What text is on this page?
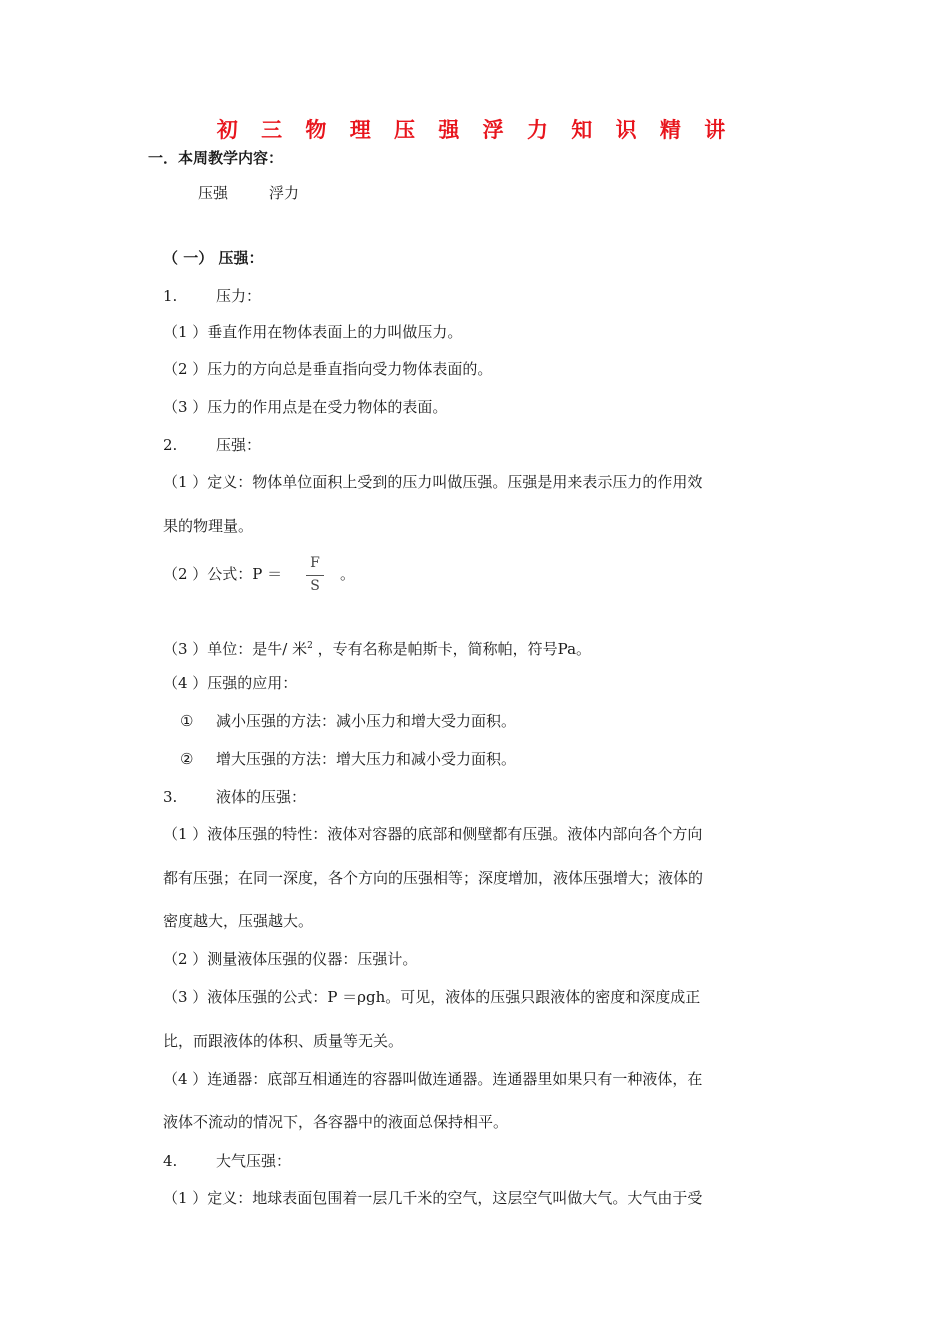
初 三 物 理 压 强 浮 力 知 识 精 讲
一．本周教学内容：
压强	浮力
（ 一） 压强：
1.	压力：
（1 ）垂直作用在物体表面上的力叫做压力。
（2 ）压力的方向总是垂直指向受力物体表面的。
（3 ）压力的作用点是在受力物体的表面。
2.	压强：
（1 ）定义：物体单位面积上受到的压力叫做压强。压强是用来表示压力的作用效
果的物理量。
（2 ）公式：P ＝
F
S
。
（3 ）单位：是牛/ 米$^2$ ，专有名称是帕斯卡，简称帕，符号Pa。
（4 ）压强的应用：
① 减小压强的方法：减小压力和增大受力面积。
② 增大压强的方法：增大压力和减小受力面积。
3.	液体的压强：
（1 ）液体压强的特性：液体对容器的底部和侧壁都有压强。液体内部向各个方向
都有压强；在同一深度，各个方向的压强相等；深度增加，液体压强增大；液体的
密度越大，压强越大。
（2 ）测量液体压强的仪器：压强计。
（3 ）液体压强的公式：P ＝ρgh。可见，液体的压强只跟液体的密度和深度成正
比，而跟液体的体积、质量等无关。
（4 ）连通器：底部互相通连的容器叫做连通器。连通器里如果只有一种液体，在
液体不流动的情况下，各容器中的液面总保持相平。
4.	大气压强：
（1 ）定义：地球表面包围着一层几千米的空气，这层空气叫做大气。大气由于受
